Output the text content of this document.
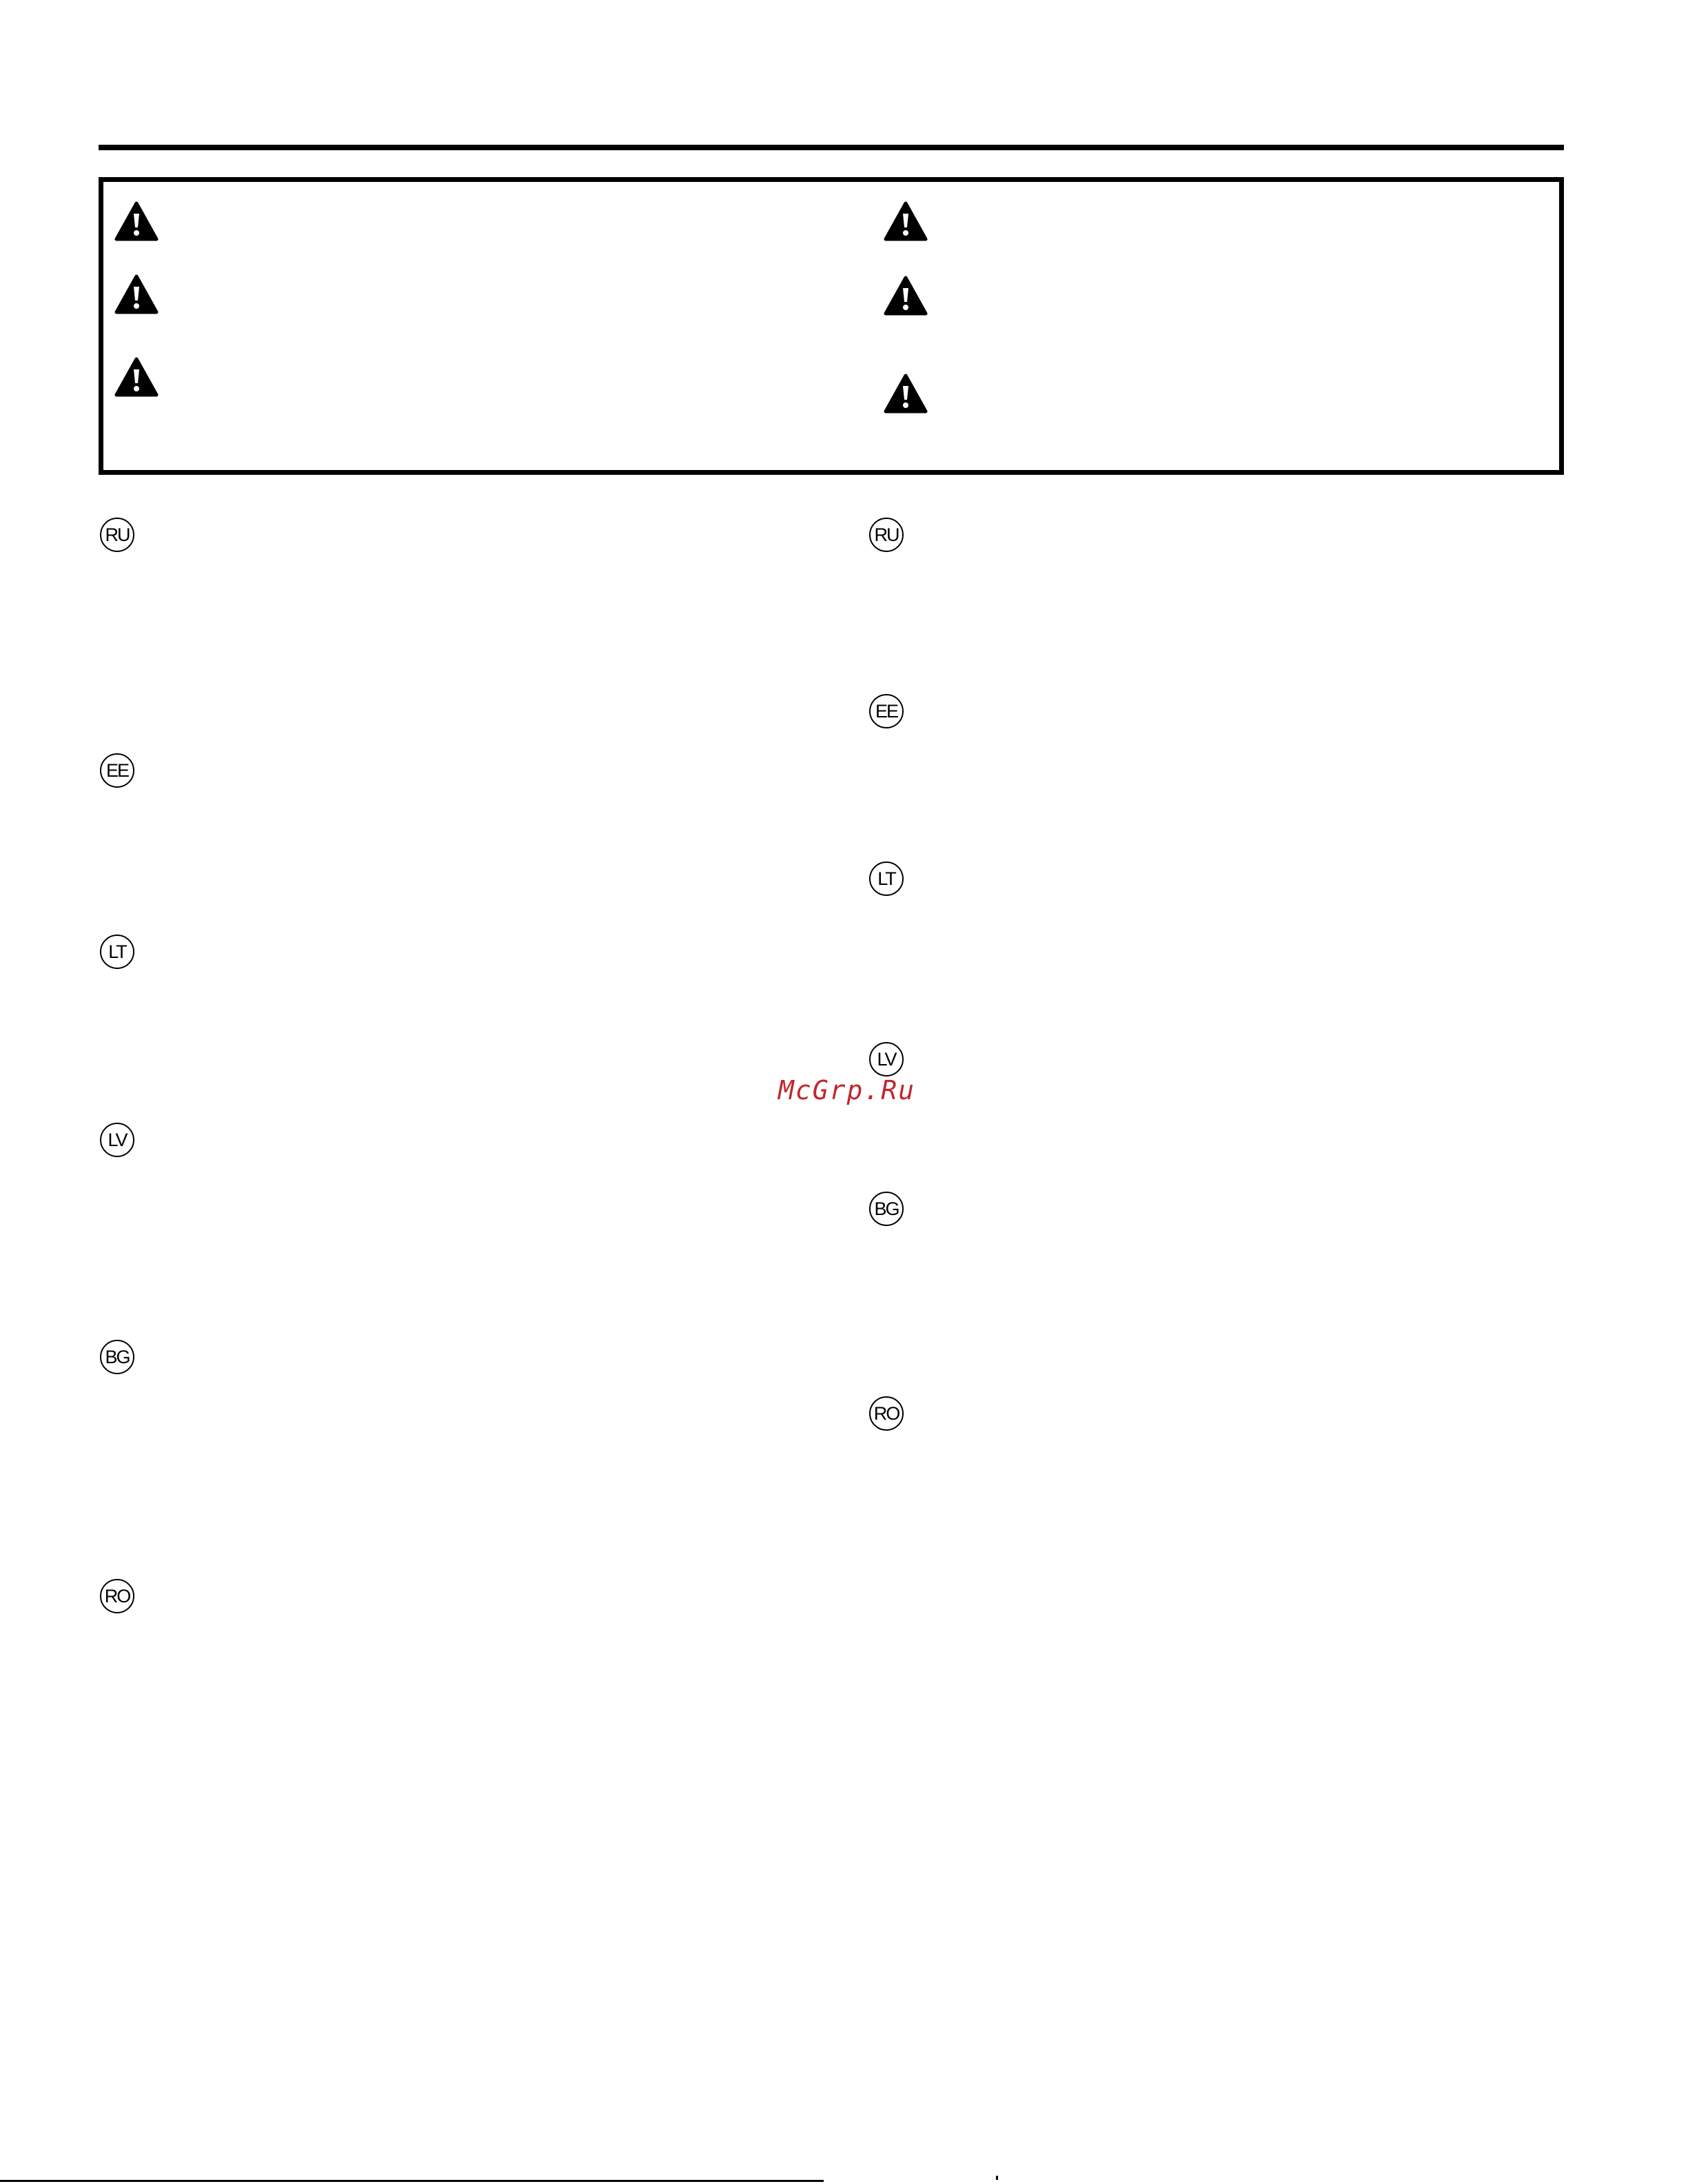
RU
EE
LT
LV
BG
RO
RU
EE
LT
LV
BG
RO
McGrp.Ru
